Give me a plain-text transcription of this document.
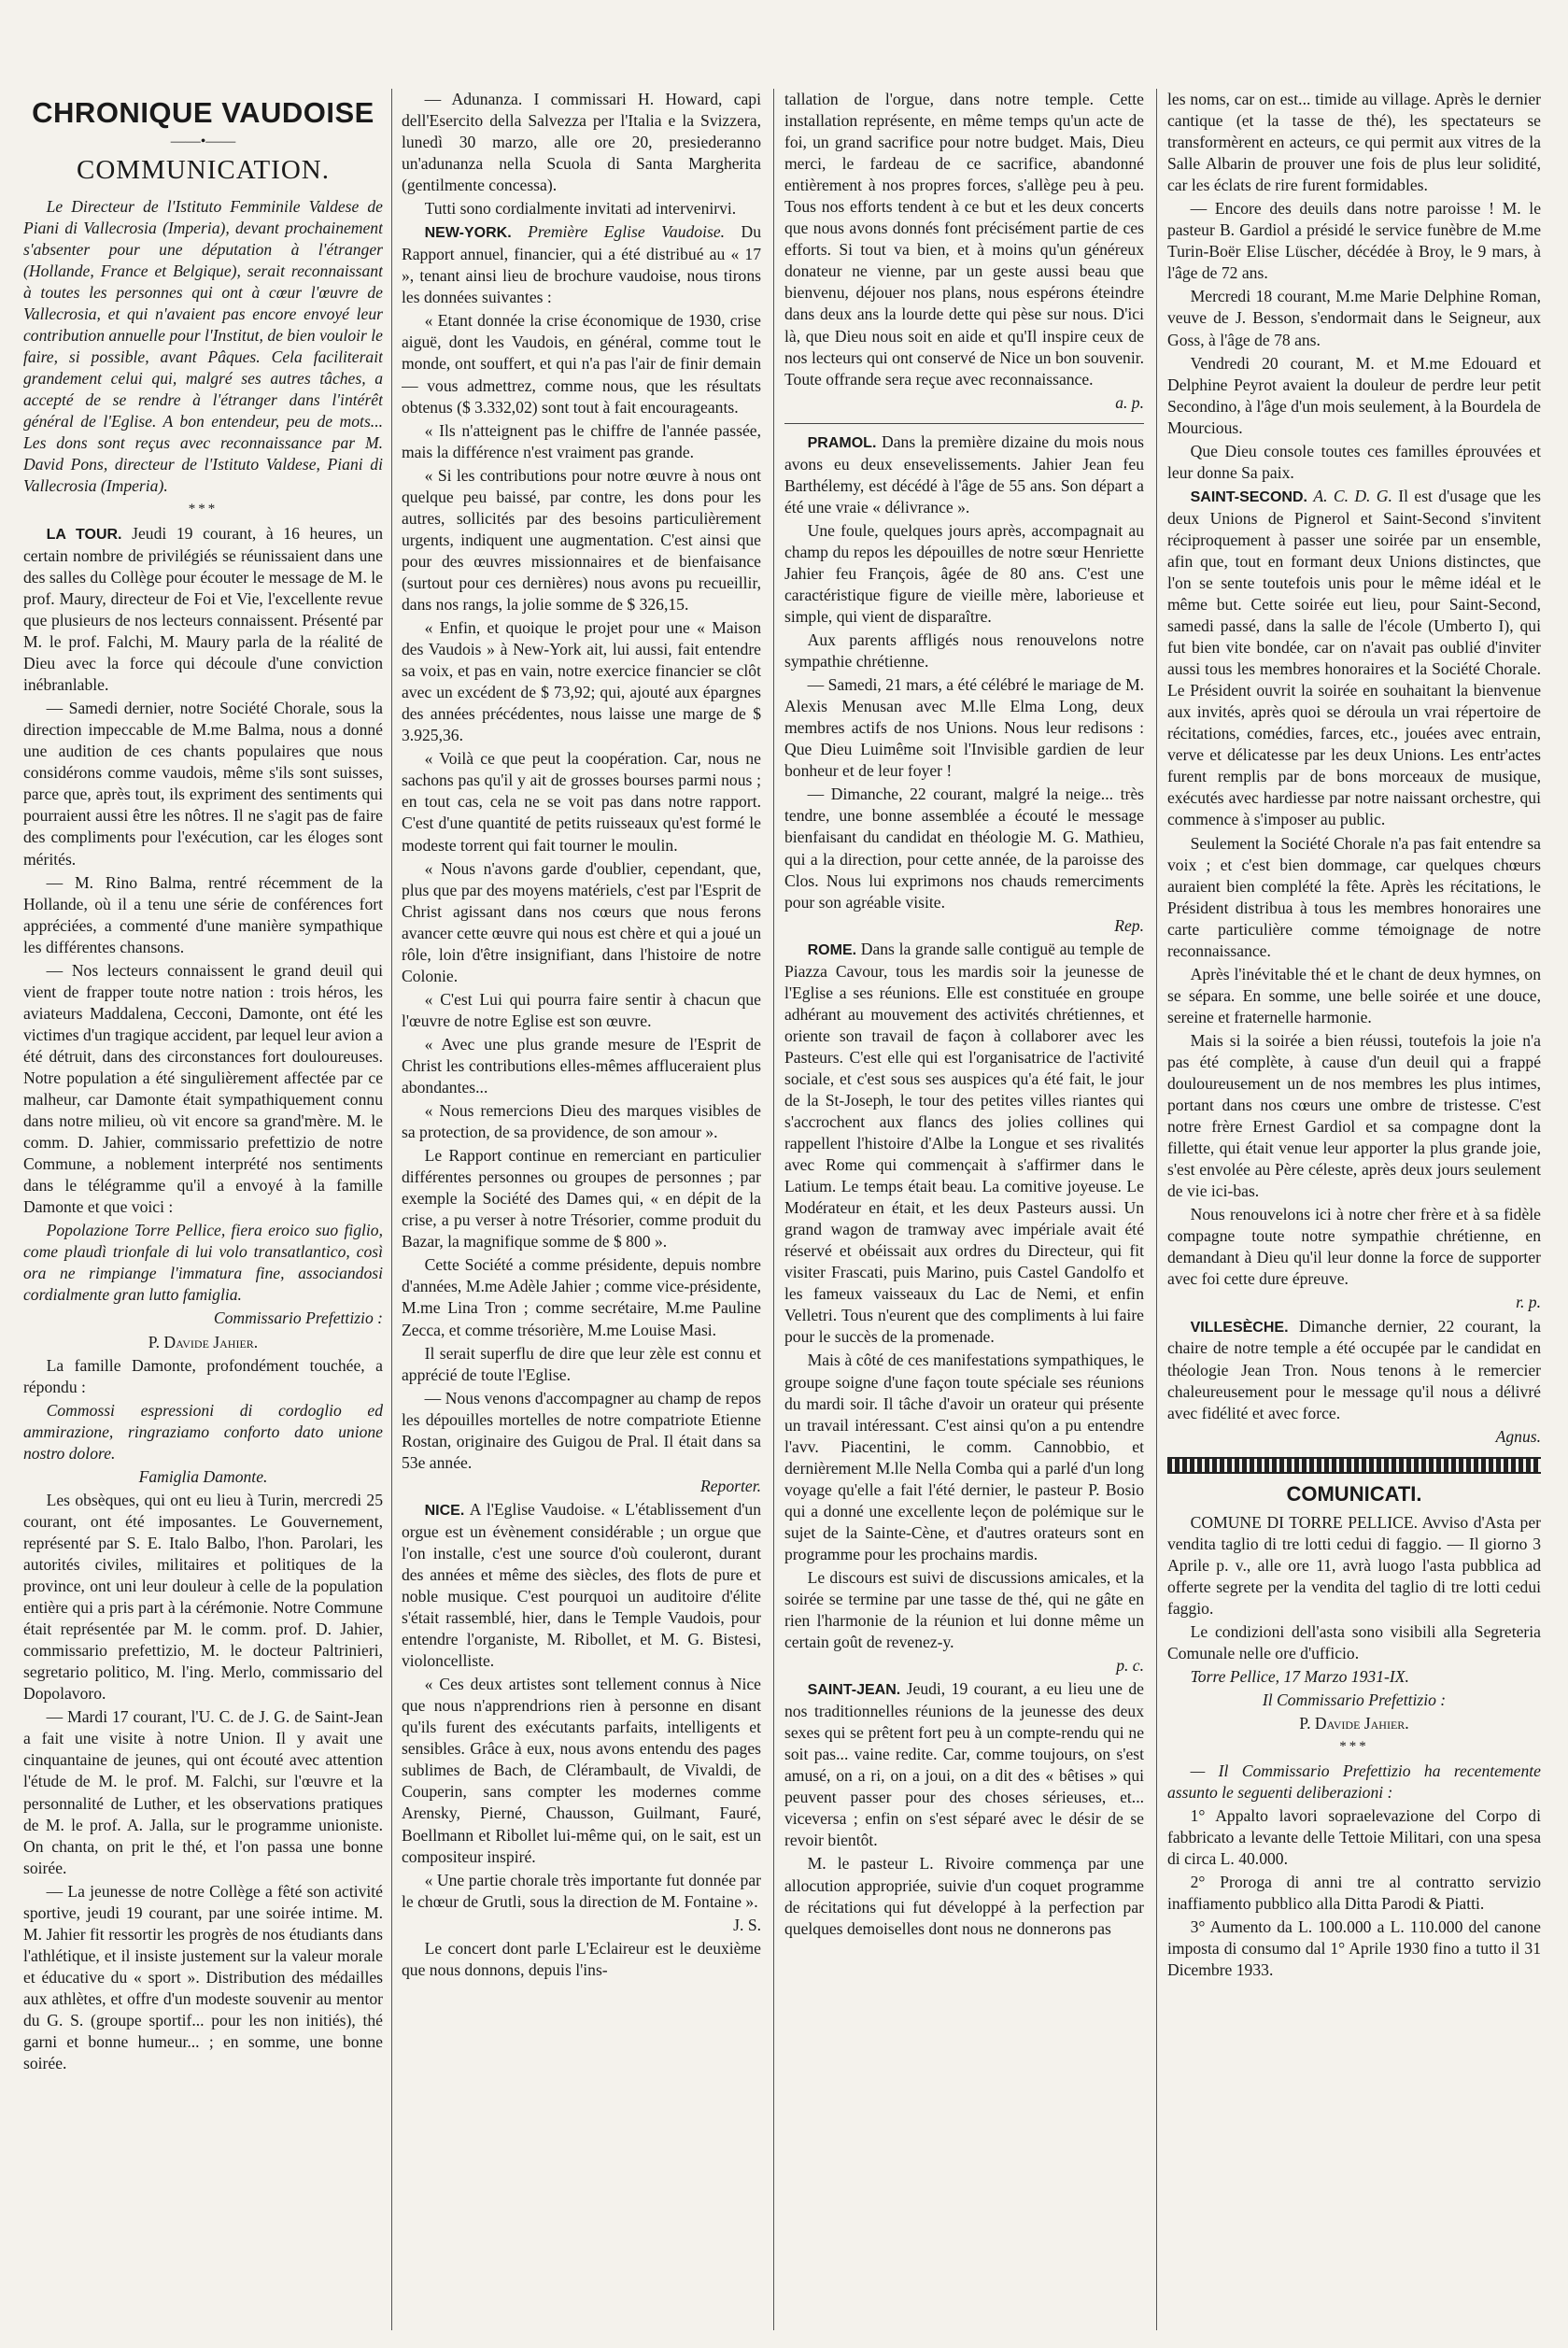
CHRONIQUE VAUDOISE
——•——
COMMUNICATION.

Le Directeur de l'Istituto Femminile Valdese de Piani di Vallecrosia (Imperia), devant prochainement s'absenter pour une députation à l'étranger (Hollande, France et Belgique), serait reconnaissant à toutes les personnes qui ont à cœur l'œuvre de Vallecrosia, et qui n'avaient pas encore envoyé leur contribution annuelle pour l'Institut, de bien vouloir le faire, si possible, avant Pâques. Cela faciliterait grandement celui qui, malgré ses autres tâches, a accepté de se rendre à l'étranger dans l'intérêt général de l'Eglise. A bon entendeur, peu de mots... Les dons sont reçus avec reconnaissance par M. David Pons, directeur de l'Istituto Valdese, Piani di Vallecrosia (Imperia).

***

LA TOUR. Jeudi 19 courant, à 16 heures, un certain nombre de privilégiés se réunissaient dans une des salles du Collège pour écouter le message de M. le prof. Maury, directeur de Foi et Vie, l'excellente revue que plusieurs de nos lecteurs connaissent. Présenté par M. le prof. Falchi, M. Maury parla de la réalité de Dieu avec la force qui découle d'une conviction inébranlable.

— Samedi dernier, notre Société Chorale, sous la direction impeccable de M.me Balma, nous a donné une audition de ces chants populaires que nous considérons comme vaudois, même s'ils sont suisses, parce que, après tout, ils expriment des sentiments qui pourraient aussi être les nôtres. Il ne s'agit pas de faire des compliments pour l'exécution, car les éloges sont mérités.

— M. Rino Balma, rentré récemment de la Hollande, où il a tenu une série de conférences fort appréciées, a commenté d'une manière sympathique les différentes chansons.

— Nos lecteurs connaissent le grand deuil qui vient de frapper toute notre nation : trois héros, les aviateurs Maddalena, Cecconi, Damonte, ont été les victimes d'un tragique accident, par lequel leur avion a été détruit, dans des circonstances fort douloureuses. Notre population a été singulièrement affectée par ce malheur, car Damonte était sympathiquement connu dans notre milieu, où vit encore sa grand'mère. M. le comm. D. Jahier, commissario prefettizio de notre Commune, a noblement interprété nos sentiments dans le télégramme qu'il a envoyé à la famille Damonte et que voici :

Popolazione Torre Pellice, fiera eroico suo figlio, come plaudì trionfale di lui volo transatlantico, così ora ne rimpiange l'immatura fine, associandosi cordialmente gran lutto famiglia.

Commissario Prefettizio :

P. Davide Jahier.

La famille Damonte, profondément touchée, a répondu :

Commossi espressioni di cordoglio ed ammirazione, ringraziamo conforto dato unione nostro dolore.

Famiglia Damonte.

Les obsèques, qui ont eu lieu à Turin, mercredi 25 courant, ont été imposantes. Le Gouvernement, représenté par S. E. Italo Balbo, l'hon. Parolari, les autorités civiles, militaires et politiques de la province, ont uni leur douleur à celle de la population entière qui a pris part à la cérémonie. Notre Commune était représentée par M. le comm. prof. D. Jahier, commissario prefettizio, M. le docteur Paltrinieri, segretario politico, M. l'ing. Merlo, commissario del Dopolavoro.

— Mardi 17 courant, l'U. C. de J. G. de Saint-Jean a fait une visite à notre Union. Il y avait une cinquantaine de jeunes, qui ont écouté avec attention l'étude de M. le prof. M. Falchi, sur l'œuvre et la personnalité de Luther, et les observations pratiques de M. le prof. A. Jalla, sur le programme unioniste. On chanta, on prit le thé, et l'on passa une bonne soirée.

— La jeunesse de notre Collège a fêté son activité sportive, jeudi 19 courant, par une soirée intime. M. M. Jahier fit ressortir les progrès de nos étudiants dans l'athlétique, et il insiste justement sur la valeur morale et éducative du « sport ». Distribution des médailles aux athlètes, et offre d'un modeste souvenir au mentor du G. S. (groupe sportif... pour les non initiés), thé garni et bonne humeur... ; en somme, une bonne soirée.

— Adunanza. I commissari H. Howard, capi dell'Esercito della Salvezza per l'Italia e la Svizzera, lunedì 30 marzo, alle ore 20, presiederanno un'adunanza nella Scuola di Santa Margherita (gentilmente concessa).

Tutti sono cordialmente invitati ad intervenirvi.

NEW-YORK. Première Eglise Vaudoise. Du Rapport annuel, financier, qui a été distribué au « 17 », tenant ainsi lieu de brochure vaudoise, nous tirons les données suivantes :

« Etant donnée la crise économique de 1930, crise aiguë, dont les Vaudois, en général, comme tout le monde, ont souffert, et qui n'a pas l'air de finir demain — vous admettrez, comme nous, que les résultats obtenus ($ 3.332,02) sont tout à fait encourageants.

« Ils n'atteignent pas le chiffre de l'année passée, mais la différence n'est vraiment pas grande.

« Si les contributions pour notre œuvre à nous ont quelque peu baissé, par contre, les dons pour les autres, sollicités par des besoins particulièrement urgents, indiquent une augmentation. C'est ainsi que pour des œuvres missionnaires et de bienfaisance (surtout pour ces dernières) nous avons pu recueillir, dans nos rangs, la jolie somme de $ 326,15.

« Enfin, et quoique le projet pour une « Maison des Vaudois » à New-York ait, lui aussi, fait entendre sa voix, et pas en vain, notre exercice financier se clôt avec un excédent de $ 73,92; qui, ajouté aux épargnes des années précédentes, nous laisse une marge de $ 3.925,36.

« Voilà ce que peut la coopération. Car, nous ne sachons pas qu'il y ait de grosses bourses parmi nous ; en tout cas, cela ne se voit pas dans notre rapport. C'est d'une quantité de petits ruisseaux qu'est formé le modeste torrent qui fait tourner le moulin.

« Nous n'avons garde d'oublier, cependant, que, plus que par des moyens matériels, c'est par l'Esprit de Christ agissant dans nos cœurs que nous ferons avancer cette œuvre qui nous est chère et qui a joué un rôle, loin d'être insignifiant, dans l'histoire de notre Colonie.

« C'est Lui qui pourra faire sentir à chacun que l'œuvre de notre Eglise est son œuvre.

« Avec une plus grande mesure de l'Esprit de Christ les contributions elles-mêmes affluceraient plus abondantes...

« Nous remercions Dieu des marques visibles de sa protection, de sa providence, de son amour ».

Le Rapport continue en remerciant en particulier différentes personnes ou groupes de personnes ; par exemple la Société des Dames qui, « en dépit de la crise, a pu verser à notre Trésorier, comme produit du Bazar, la magnifique somme de $ 800 ».

Cette Société a comme présidente, depuis nombre d'années, M.me Adèle Jahier ; comme vice-présidente, M.me Lina Tron ; comme secrétaire, M.me Pauline Zecca, et comme trésorière, M.me Louise Masi.

Il serait superflu de dire que leur zèle est connu et apprécié de toute l'Eglise.

— Nous venons d'accompagner au champ de repos les dépouilles mortelles de notre compatriote Etienne Rostan, originaire des Guigou de Pral. Il était dans sa 53e année.

Reporter.

NICE. A l'Eglise Vaudoise. « L'établissement d'un orgue est un évènement considérable ; un orgue que l'on installe, c'est une source d'où couleront, durant des années et même des siècles, des flots de pure et noble musique. C'est pourquoi un auditoire d'élite s'était rassemblé, hier, dans le Temple Vaudois, pour entendre l'organiste, M. Ribollet, et M. G. Bistesi, violoncelliste.

« Ces deux artistes sont tellement connus à Nice que nous n'apprendrions rien à personne en disant qu'ils furent des exécutants parfaits, intelligents et sensibles. Grâce à eux, nous avons entendu des pages sublimes de Bach, de Clérambault, de Vivaldi, de Couperin, sans compter les modernes comme Arensky, Pierné, Chausson, Guilmant, Fauré, Boellmann et Ribollet lui-même qui, on le sait, est un compositeur inspiré.

« Une partie chorale très importante fut donnée par le chœur de Grutli, sous la direction de M. Fontaine ».

J. S.

Le concert dont parle L'Eclaireur est le deuxième que nous donnons, depuis l'ins-

tallation de l'orgue, dans notre temple. Cette installation représente, en même temps qu'un acte de foi, un grand sacrifice pour notre budget. Mais, Dieu merci, le fardeau de ce sacrifice, abandonné entièrement à nos propres forces, s'allège peu à peu. Tous nos efforts tendent à ce but et les deux concerts que nous avons donnés font précisément partie de ces efforts. Si tout va bien, et à moins qu'un généreux donateur ne vienne, par un geste aussi beau que bienvenu, déjouer nos plans, nous espérons éteindre dans deux ans la lourde dette qui pèse sur nous. D'ici là, que Dieu nous soit en aide et qu'Il inspire ceux de nos lecteurs qui ont conservé de Nice un bon souvenir. Toute offrande sera reçue avec reconnaissance.

a. p.

PRAMOL. Dans la première dizaine du mois nous avons eu deux ensevelissements. Jahier Jean feu Barthélemy, est décédé à l'âge de 55 ans. Son départ a été une vraie « délivrance ».

Une foule, quelques jours après, accompagnait au champ du repos les dépouilles de notre sœur Henriette Jahier feu François, âgée de 80 ans. C'est une caractéristique figure de vieille mère, laborieuse et simple, qui vient de disparaître.

Aux parents affligés nous renouvelons notre sympathie chrétienne.

— Samedi, 21 mars, a été célébré le mariage de M. Alexis Menusan avec M.lle Elma Long, deux membres actifs de nos Unions. Nous leur redisons : Que Dieu Luimême soit l'Invisible gardien de leur bonheur et de leur foyer !

— Dimanche, 22 courant, malgré la neige... très tendre, une bonne assemblée a écouté le message bienfaisant du candidat en théologie M. G. Mathieu, qui a la direction, pour cette année, de la paroisse des Clos. Nous lui exprimons nos chauds remerciments pour son agréable visite.

Rep.

ROME. Dans la grande salle contiguë au temple de Piazza Cavour, tous les mardis soir la jeunesse de l'Eglise a ses réunions. Elle est constituée en groupe adhérant au mouvement des activités chrétiennes, et oriente son travail de façon à collaborer avec les Pasteurs. C'est elle qui est l'organisatrice de l'activité sociale, et c'est sous ses auspices qu'a été fait, le jour de la St-Joseph, le tour des petites villes riantes qui s'accrochent aux flancs des jolies collines qui rappellent l'histoire d'Albe la Longue et ses rivalités avec Rome qui commençait à s'affirmer dans le Latium. Le temps était beau. La comitive joyeuse. Le Modérateur en était, et les deux Pasteurs aussi. Un grand wagon de tramway avec impériale avait été réservé et obéissait aux ordres du Directeur, qui fit visiter Frascati, puis Marino, puis Castel Gandolfo et les fameux vaisseaux du Lac de Nemi, et enfin Velletri. Tous n'eurent que des compliments à lui faire pour le succès de la promenade.

Mais à côté de ces manifestations sympathiques, le groupe soigne d'une façon toute spéciale ses réunions du mardi soir. Il tâche d'avoir un orateur qui présente un travail intéressant. C'est ainsi qu'on a pu entendre l'avv. Piacentini, le comm. Cannobbio, et dernièrement M.lle Nella Comba qui a parlé d'un long voyage qu'elle a fait l'été dernier, le pasteur P. Bosio qui a donné une excellente leçon de polémique sur le sujet de la Sainte-Cène, et d'autres orateurs sont en programme pour les prochains mardis.

Le discours est suivi de discussions amicales, et la soirée se termine par une tasse de thé, qui ne gâte en rien l'harmonie de la réunion et lui donne même un certain goût de revenez-y.

p. c.

SAINT-JEAN. Jeudi, 19 courant, a eu lieu une de nos traditionnelles réunions de la jeunesse des deux sexes qui se prêtent fort peu à un compte-rendu qui ne soit pas... vaine redite. Car, comme toujours, on s'est amusé, on a ri, on a joui, on a dit des « bêtises » qui peuvent passer pour des choses sérieuses, et... viceversa ; enfin on s'est séparé avec le désir de se revoir bientôt.

M. le pasteur L. Rivoire commença par une allocution appropriée, suivie d'un coquet programme de récitations qui fut développé à la perfection par quelques demoiselles dont nous ne donnerons pas

les noms, car on est... timide au village. Après le dernier cantique (et la tasse de thé), les spectateurs se transformèrent en acteurs, ce qui permit aux vitres de la Salle Albarin de prouver une fois de plus leur solidité, car les éclats de rire furent formidables.

— Encore des deuils dans notre paroisse ! M. le pasteur B. Gardiol a présidé le service funèbre de M.me Turin-Boër Elise Lüscher, décédée à Broy, le 9 mars, à l'âge de 72 ans.

Mercredi 18 courant, M.me Marie Delphine Roman, veuve de J. Besson, s'endormait dans le Seigneur, aux Goss, à l'âge de 78 ans.

Vendredi 20 courant, M. et M.me Edouard et Delphine Peyrot avaient la douleur de perdre leur petit Secondino, à l'âge d'un mois seulement, à la Bourdela de Mourcious.

Que Dieu console toutes ces familles éprouvées et leur donne Sa paix.

SAINT-SECOND. A. C. D. G. Il est d'usage que les deux Unions de Pignerol et Saint-Second s'invitent réciproquement à passer une soirée par un ensemble, afin que, tout en formant deux Unions distinctes, que l'on se sente toutefois unis pour le même idéal et le même but. Cette soirée eut lieu, pour Saint-Second, samedi passé, dans la salle de l'école (Umberto I), qui fut bien vite bondée, car on n'avait pas oublié d'inviter aussi tous les membres honoraires et la Société Chorale. Le Président ouvrit la soirée en souhaitant la bienvenue aux invités, après quoi se déroula un vrai répertoire de récitations, comédies, farces, etc., jouées avec entrain, verve et délicatesse par les deux Unions. Les entr'actes furent remplis par de bons morceaux de musique, exécutés avec hardiesse par notre naissant orchestre, qui commence à s'imposer au public.

Seulement la Société Chorale n'a pas fait entendre sa voix ; et c'est bien dommage, car quelques chœurs auraient bien complété la fête. Après les récitations, le Président distribua à tous les membres honoraires une carte particulière comme témoignage de notre reconnaissance.

Après l'inévitable thé et le chant de deux hymnes, on se sépara. En somme, une belle soirée et une douce, sereine et fraternelle harmonie.

Mais si la soirée a bien réussi, toutefois la joie n'a pas été complète, à cause d'un deuil qui a frappé douloureusement un de nos membres les plus intimes, portant dans nos cœurs une ombre de tristesse. C'est notre frère Ernest Gardiol et sa compagne dont la fillette, qui était venue leur apporter la plus grande joie, s'est envolée au Père céleste, après deux jours seulement de vie ici-bas.

Nous renouvelons ici à notre cher frère et à sa fidèle compagne toute notre sympathie chrétienne, en demandant à Dieu qu'il leur donne la force de supporter avec foi cette dure épreuve.

r. p.

VILLESÈCHE. Dimanche dernier, 22 courant, la chaire de notre temple a été occupée par le candidat en théologie Jean Tron. Nous tenons à le remercier chaleureusement pour le message qu'il nous a délivré avec fidélité et avec force.

Agnus.

COMUNICATI.

COMUNE DI TORRE PELLICE. Avviso d'Asta per vendita taglio di tre lotti cedui di faggio. — Il giorno 3 Aprile p. v., alle ore 11, avrà luogo l'asta pubblica ad offerte segrete per la vendita del taglio di tre lotti cedui faggio.

Le condizioni dell'asta sono visibili alla Segreteria Comunale nelle ore d'ufficio.

Torre Pellice, 17 Marzo 1931-IX.

Il Commissario Prefettizio :

P. Davide Jahier.

***

— Il Commissario Prefettizio ha recentemente assunto le seguenti deliberazioni :

1° Appalto lavori sopraelevazione del Corpo di fabbricato a levante delle Tettoie Militari, con una spesa di circa L. 40.000.

2° Proroga di anni tre al contratto servizio inaffiamento pubblico alla Ditta Parodi & Piatti.

3° Aumento da L. 100.000 a L. 110.000 del canone imposta di consumo dal 1° Aprile 1930 fino a tutto il 31 Dicembre 1933.
